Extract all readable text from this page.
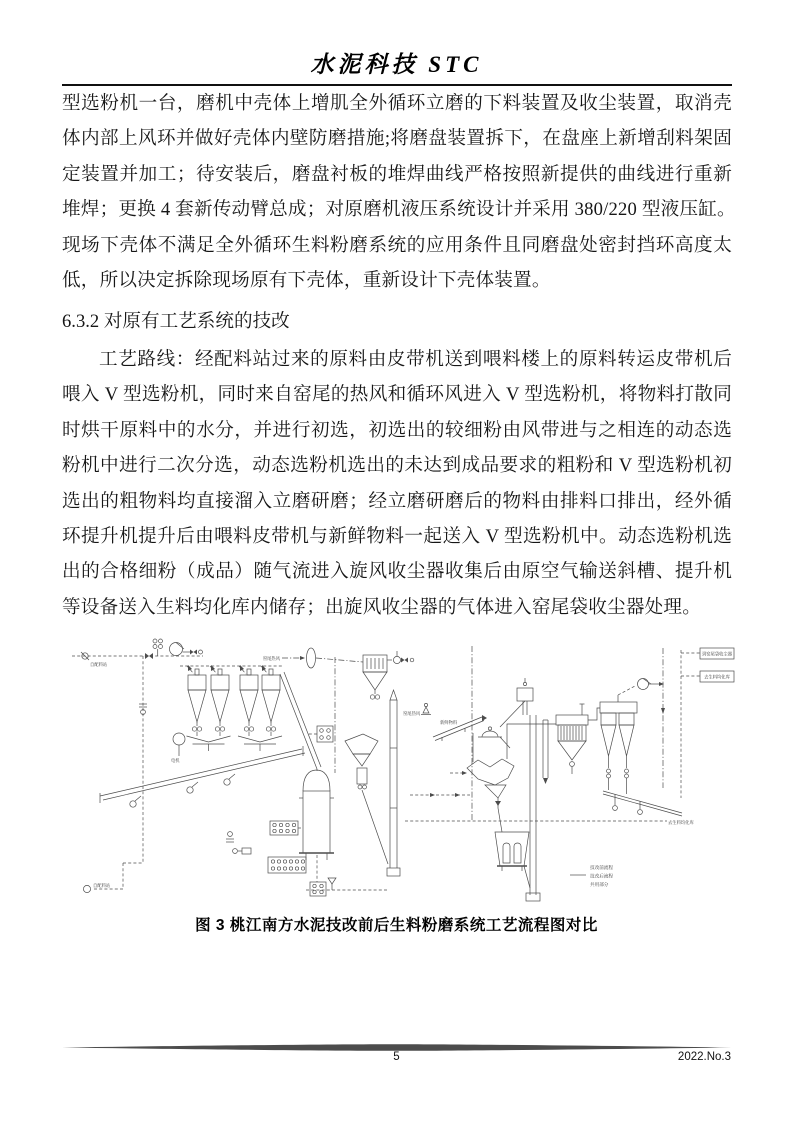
水泥科技 STC
型选粉机一台，磨机中壳体上增肌全外循环立磨的下料装置及收尘装置，取消壳
体内部上风环并做好壳体内壁防磨措施;将磨盘装置拆下，在盘座上新增刮料架固
定装置并加工；待安装后，磨盘衬板的堆焊曲线严格按照新提供的曲线进行重新
堆焊；更换 4 套新传动臂总成；对原磨机液压系统设计并采用 380/220 型液压缸。
现场下壳体不满足全外循环生料粉磨系统的应用条件且同磨盘处密封挡环高度太
低，所以决定拆除现场原有下壳体，重新设计下壳体装置。
6.3.2 对原有工艺系统的技改
工艺路线：经配料站过来的原料由皮带机送到喂料楼上的原料转运皮带机后
喂入 V 型选粉机，同时来自窑尾的热风和循环风进入 V 型选粉机，将物料打散同
时烘干原料中的水分，并进行初选，初选出的较细粉由风带进与之相连的动态选
粉机中进行二次分选，动态选粉机选出的未达到成品要求的粗粉和 V 型选粉机初
选出的粗物料均直接溜入立磨研磨；经立磨研磨后的物料由排料口排出，经外循
环提升机提升后由喂料皮带机与新鲜物料一起送入 V 型选粉机中。动态选粉机选
出的合格细粉（成品）随气流进入旋风收尘器收集后由原空气输送斜槽、提升机
等设备送入生料均化库内储存；出旋风收尘器的气体进入窑尾袋收尘器处理。
自配料站
电机
自配料站
窑尾热风
窑尾热风
新鲜物料
到窑尾袋收尘器
去生料均化库
去生料均化库
技改前流程
技改后流程
共用部分
图 3 桃江南方水泥技改前后生料粉磨系统工艺流程图对比
5	2022.No.3
